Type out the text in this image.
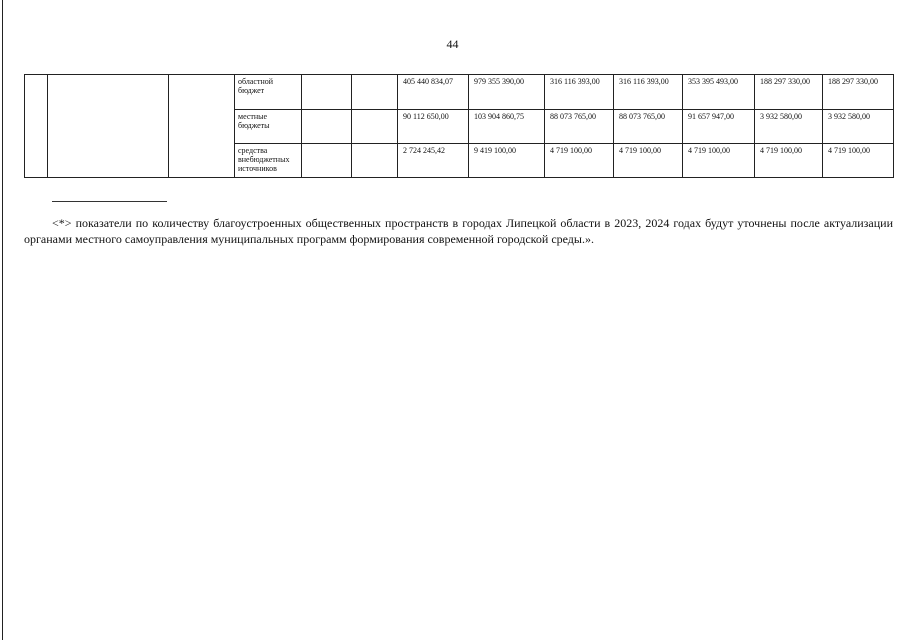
44
			областной бюджет			405 440 834,07	979 355 390,00	316 116 393,00	316 116 393,00	353 395 493,00	188 297 330,00	188 297 330,00
			местные бюджеты			90 112 650,00	103 904 860,75	88 073 765,00	88 073 765,00	91 657 947,00	3 932 580,00	3 932 580,00
			средства внебюджетных источников			2 724 245,42	9 419 100,00	4 719 100,00	4 719 100,00	4 719 100,00	4 719 100,00	4 719 100,00

<*> показатели по количеству благоустроенных общественных пространств в городах Липецкой области в 2023, 2024 годах будут уточнены после актуализации органами местного самоуправления муниципальных программ формирования современной городской среды.».
